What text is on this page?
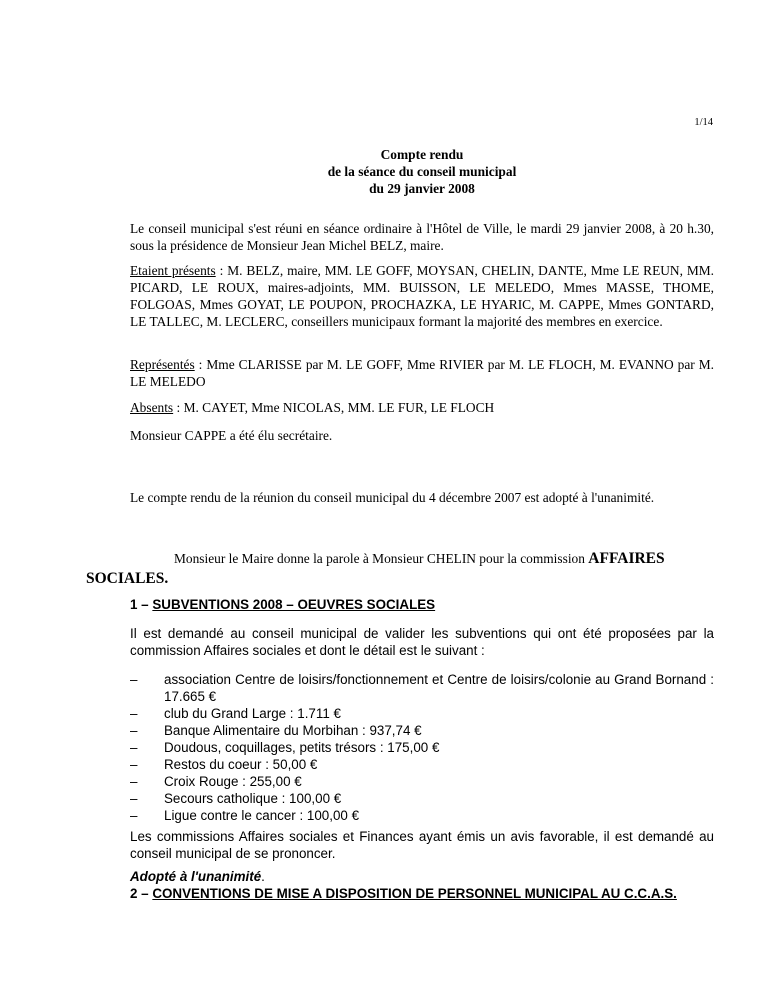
1/14
Compte rendu
de la séance du conseil municipal
du 29 janvier 2008

Le conseil municipal s'est réuni en séance ordinaire à l'Hôtel de Ville, le mardi 29 janvier 2008, à 20 h.30, sous la présidence de Monsieur Jean Michel BELZ, maire.

Etaient présents : M. BELZ, maire, MM. LE GOFF, MOYSAN, CHELIN, DANTE, Mme LE REUN, MM. PICARD, LE ROUX, maires-adjoints, MM. BUISSON, LE MELEDO, Mmes MASSE, THOME, FOLGOAS, Mmes GOYAT, LE POUPON, PROCHAZKA, LE HYARIC, M. CAPPE, Mmes GONTARD, LE TALLEC, M. LECLERC, conseillers municipaux formant la majorité des membres en exercice.

Représentés : Mme CLARISSE par M. LE GOFF, Mme RIVIER par M. LE FLOCH, M. EVANNO par M. LE MELEDO

Absents : M. CAYET, Mme NICOLAS, MM. LE FUR, LE FLOCH

Monsieur CAPPE a été élu secrétaire.

Le compte rendu de la réunion du conseil municipal du 4 décembre 2007 est adopté à l'unanimité.

Monsieur le Maire donne la parole à Monsieur CHELIN pour la commission AFFAIRES
SOCIALES.

1 – SUBVENTIONS 2008 – OEUVRES SOCIALES

Il est demandé au conseil municipal de valider les subventions qui ont été proposées par la commission Affaires sociales et dont le détail est le suivant :

– association Centre de loisirs/fonctionnement et Centre de loisirs/colonie au Grand Bornand : 17.665 €
– club du Grand Large : 1.711 €
– Banque Alimentaire du Morbihan : 937,74 €
– Doudous, coquillages, petits trésors : 175,00 €
– Restos du coeur : 50,00 €
– Croix Rouge : 255,00 €
– Secours catholique : 100,00 €
– Ligue contre le cancer : 100,00 €

Les commissions Affaires sociales et Finances ayant émis un avis favorable, il est demandé au conseil municipal de se prononcer.

Adopté à l'unanimité.
2 – CONVENTIONS DE MISE A DISPOSITION DE PERSONNEL MUNICIPAL AU C.C.A.S.
